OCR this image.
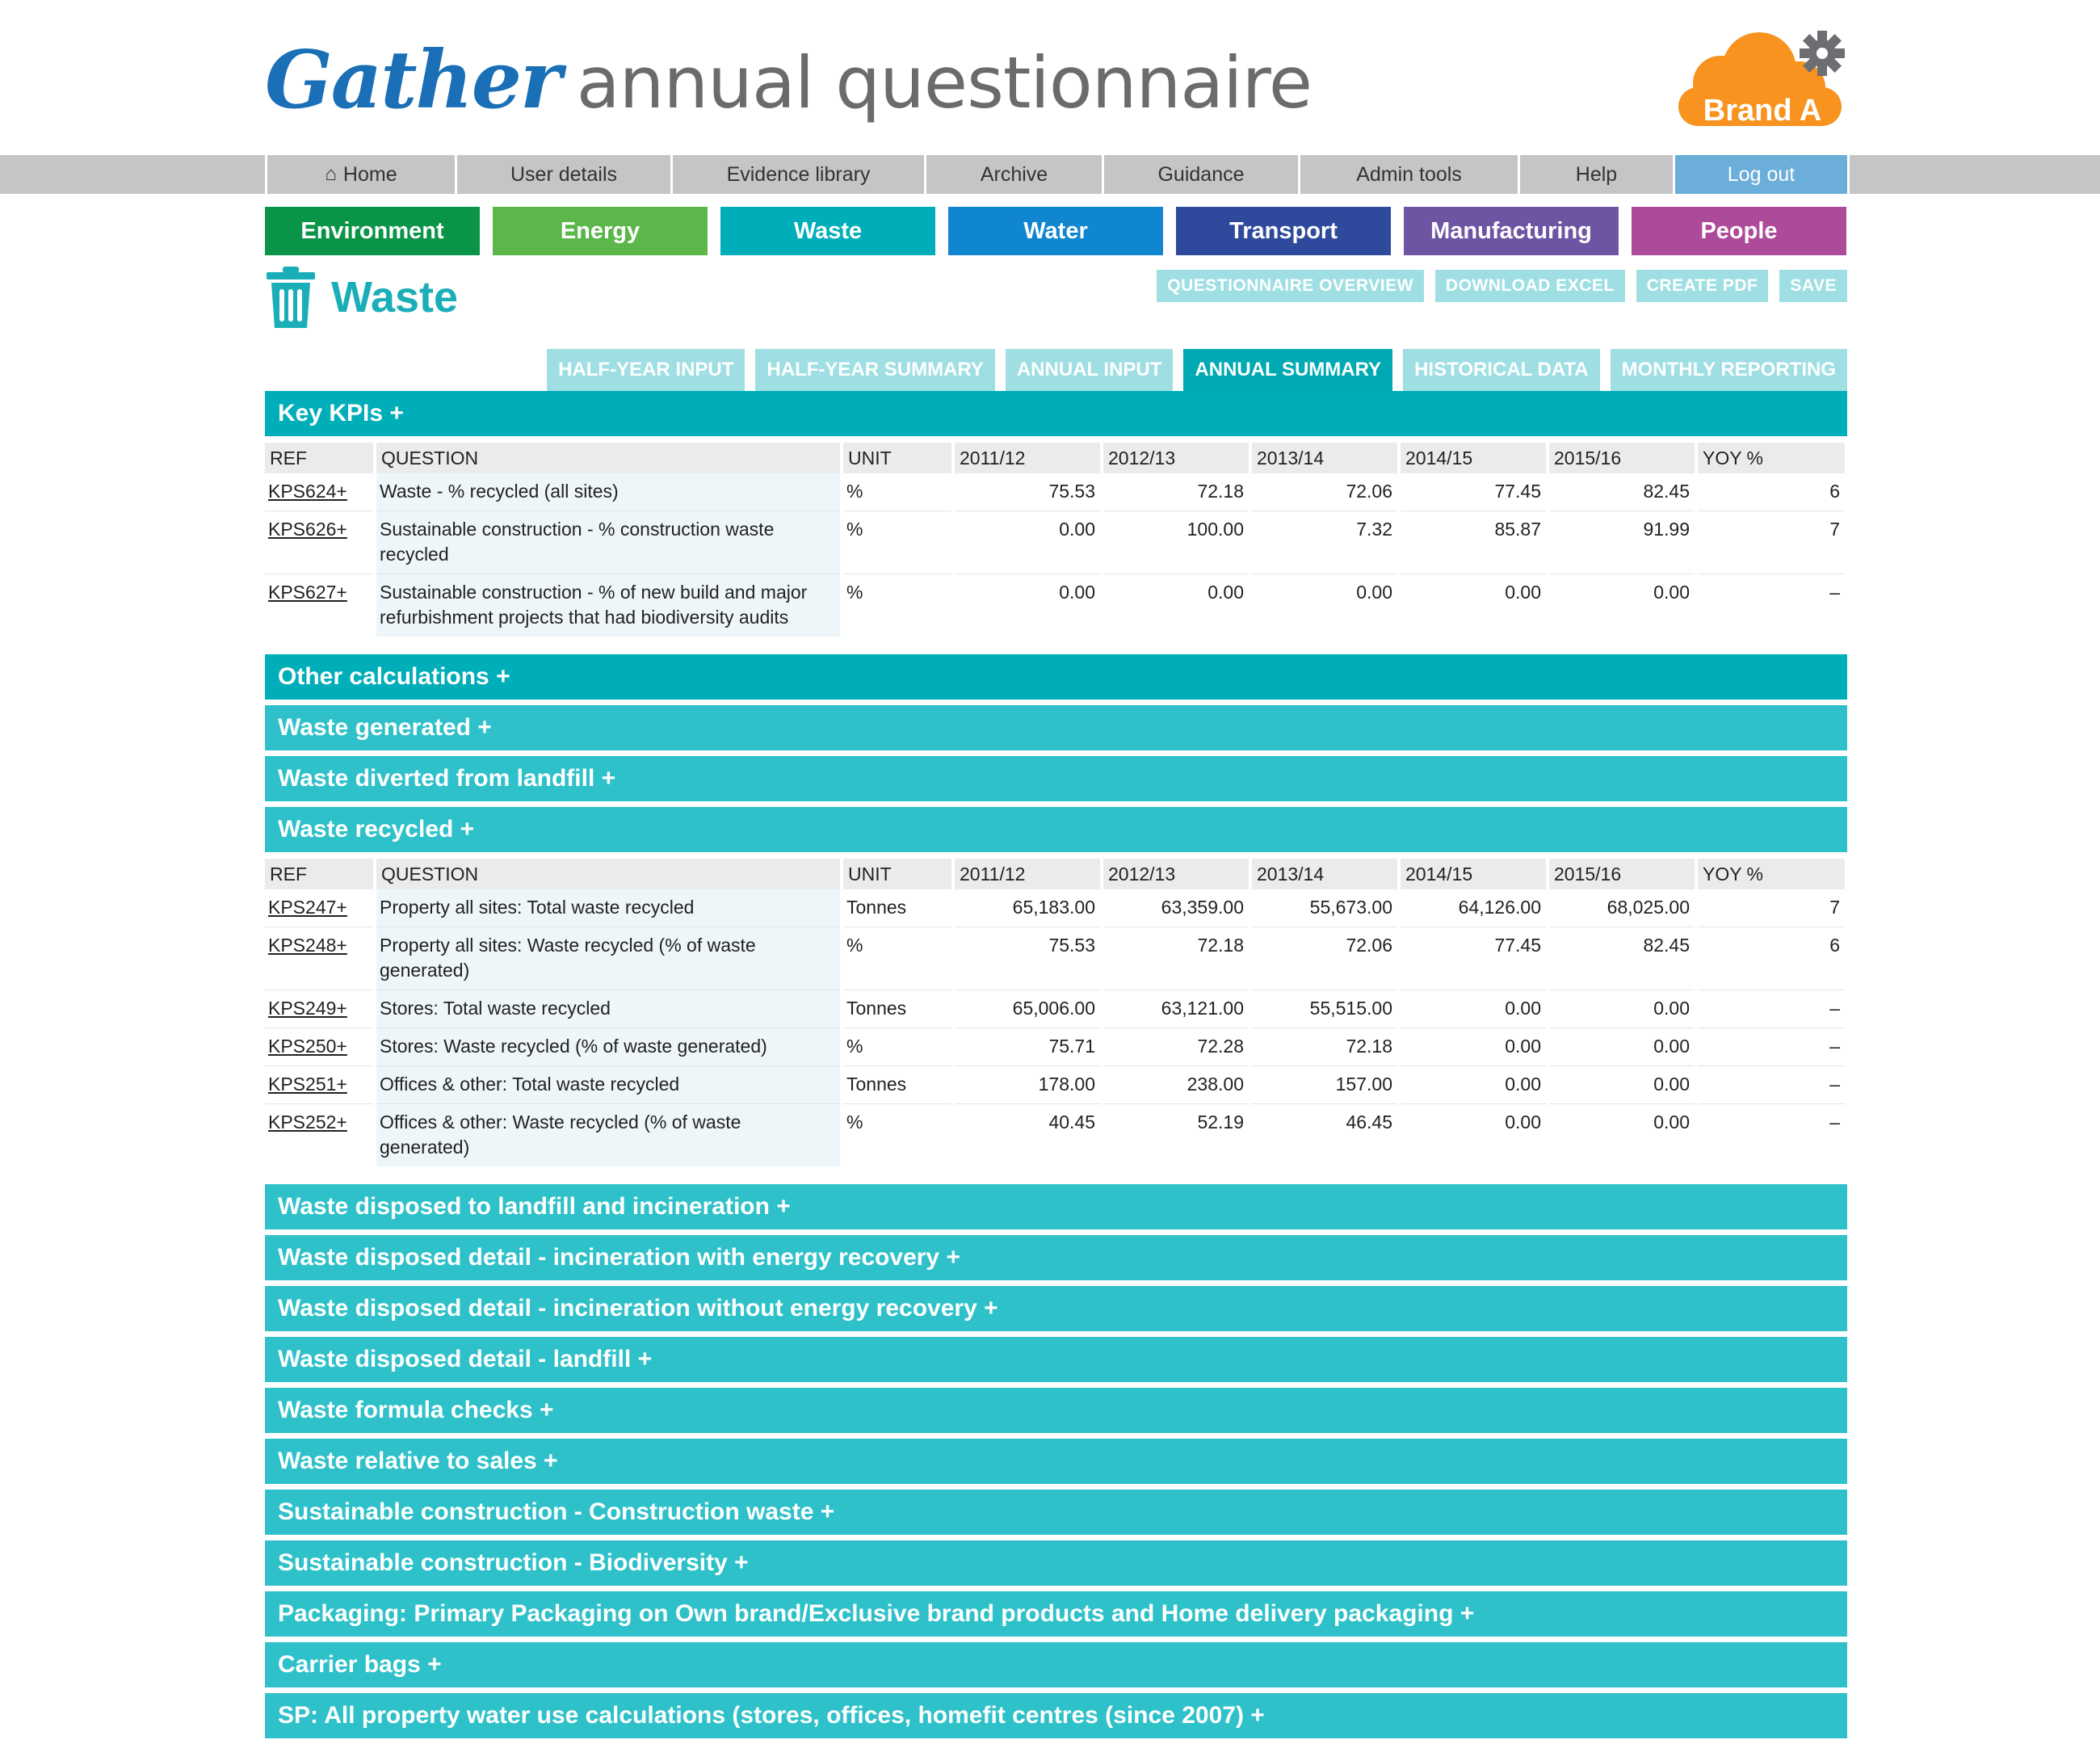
Gather annual questionnaire	Brand A
⌂ Home	User details	Evidence library	Archive	Guidance	Admin tools	Help	Log out
Environment	Energy	Waste	Water	Transport	Manufacturing	People
Waste	QUESTIONNAIRE OVERVIEW	DOWNLOAD EXCEL	CREATE PDF	SAVE
HALF-YEAR INPUT	HALF-YEAR SUMMARY	ANNUAL INPUT	ANNUAL SUMMARY	HISTORICAL DATA	MONTHLY REPORTING
Key KPIs +
REF	QUESTION	UNIT	2011/12	2012/13	2013/14	2014/15	2015/16	YOY %
KPS624+	Waste - % recycled (all sites)	%	75.53	72.18	72.06	77.45	82.45	6
KPS626+	Sustainable construction - % construction waste recycled	%	0.00	100.00	7.32	85.87	91.99	7
KPS627+	Sustainable construction - % of new build and major refurbishment projects that had biodiversity audits	%	0.00	0.00	0.00	0.00	0.00	–
Other calculations +
Waste generated +
Waste diverted from landfill +
Waste recycled +
REF	QUESTION	UNIT	2011/12	2012/13	2013/14	2014/15	2015/16	YOY %
KPS247+	Property all sites: Total waste recycled	Tonnes	65,183.00	63,359.00	55,673.00	64,126.00	68,025.00	7
KPS248+	Property all sites: Waste recycled (% of waste generated)	%	75.53	72.18	72.06	77.45	82.45	6
KPS249+	Stores: Total waste recycled	Tonnes	65,006.00	63,121.00	55,515.00	0.00	0.00	–
KPS250+	Stores: Waste recycled (% of waste generated)	%	75.71	72.28	72.18	0.00	0.00	–
KPS251+	Offices & other: Total waste recycled	Tonnes	178.00	238.00	157.00	0.00	0.00	–
KPS252+	Offices & other: Waste recycled (% of waste generated)	%	40.45	52.19	46.45	0.00	0.00	–
Waste disposed to landfill and incineration +
Waste disposed detail - incineration with energy recovery +
Waste disposed detail - incineration without energy recovery +
Waste disposed detail - landfill +
Waste formula checks +
Waste relative to sales +
Sustainable construction - Construction waste +
Sustainable construction - Biodiversity +
Packaging: Primary Packaging on Own brand/Exclusive brand products and Home delivery packaging +
Carrier bags +
SP: All property water use calculations (stores, offices, homefit centres (since 2007) +
